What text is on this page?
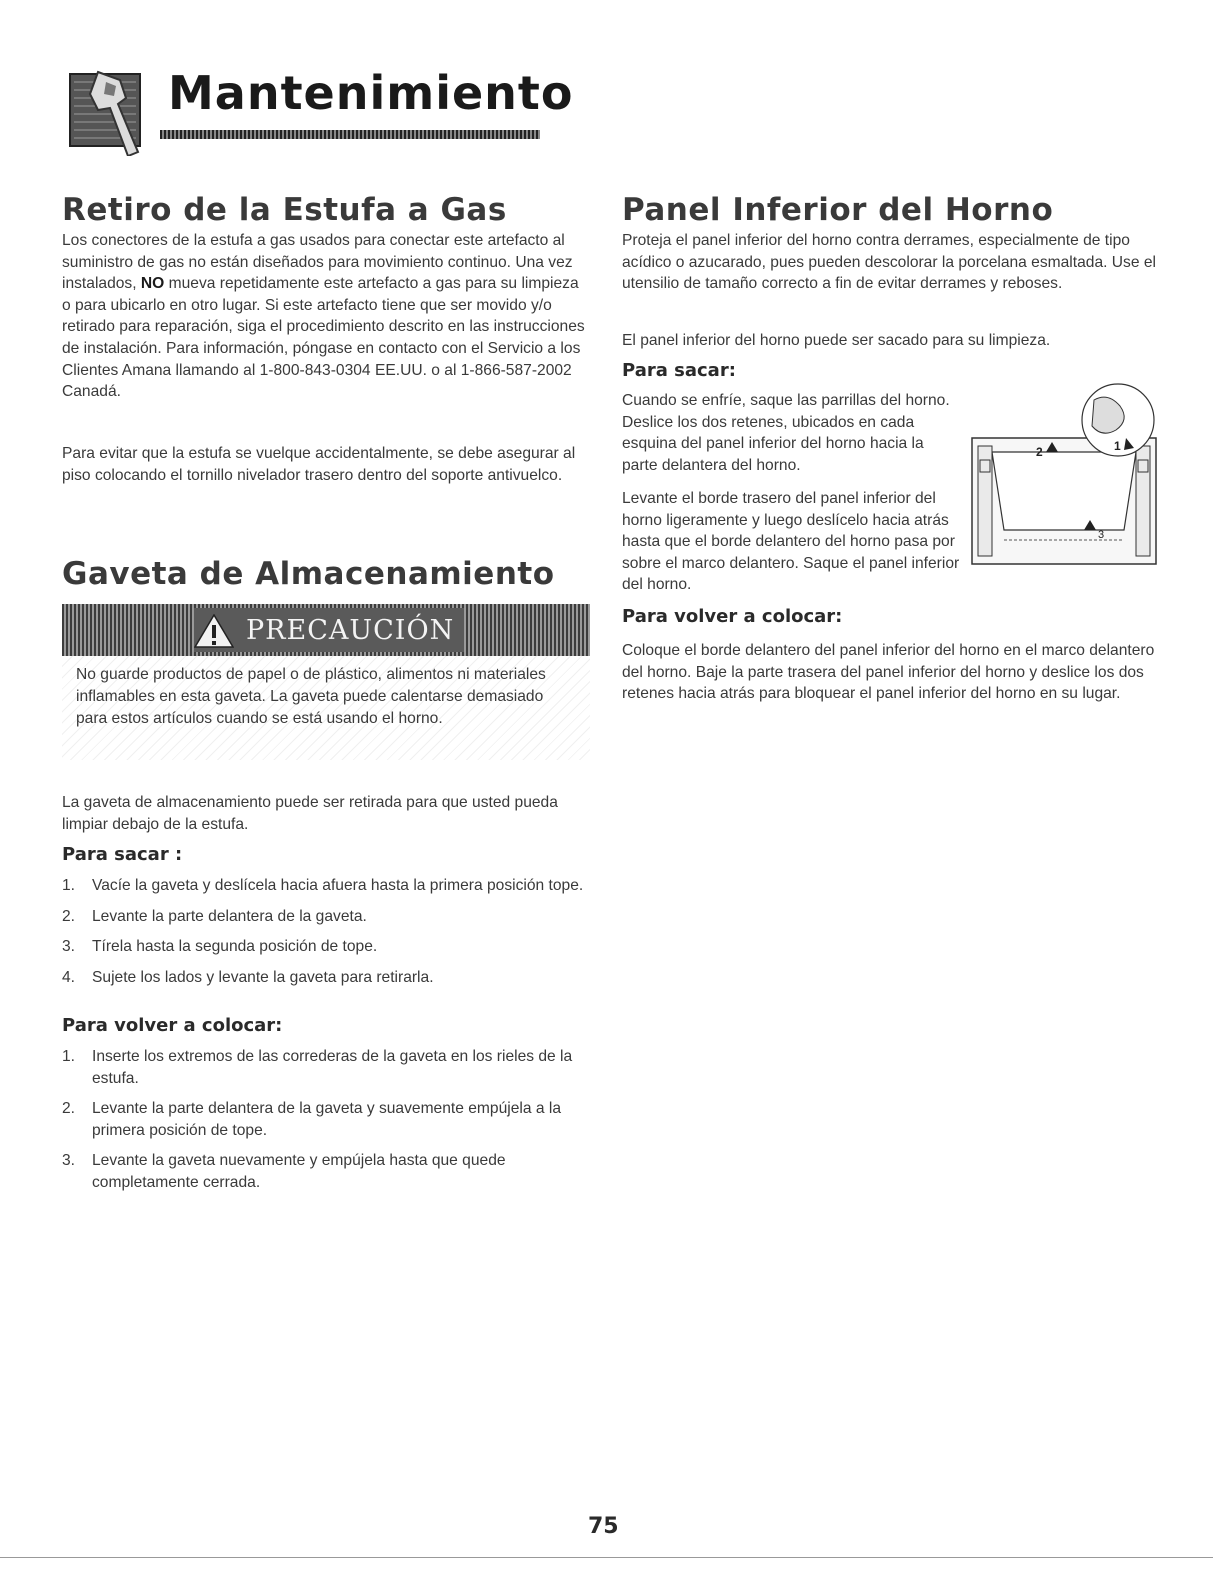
Mantenimiento
Retiro de la Estufa a Gas

Los conectores de la estufa a gas usados para conectar este artefacto al suministro de gas no están diseñados para movimiento continuo. Una vez instalados, NO mueva repetidamente este artefacto a gas para su limpieza o para ubicarlo en otro lugar. Si este artefacto tiene que ser movido y/o retirado para reparación, siga el procedimiento descrito en las instrucciones de instalación. Para información, póngase en contacto con el Servicio a los Clientes Amana llamando al 1-800-843-0304 EE.UU. o al 1-866-587-2002 Canadá.

Para evitar que la estufa se vuelque accidentalmente, se debe asegurar al piso colocando el tornillo nivelador trasero dentro del soporte antivuelco.

Gaveta de Almacenamiento
PRECAUCIÓN

No guarde productos de papel o de plástico, alimentos ni materiales inflamables en esta gaveta. La gaveta puede calentarse demasiado para estos artículos cuando se está usando el horno.

La gaveta de almacenamiento puede ser retirada para que usted pueda limpiar debajo de la estufa.

Para sacar :
1. Vacíe la gaveta y deslícela hacia afuera hasta la primera posición tope.
2. Levante la parte delantera de la gaveta.
3. Tírela hasta la segunda posición de tope.
4. Sujete los lados y levante la gaveta para retirarla.
Para volver a colocar:
1. Inserte los extremos de las correderas de la gaveta en los rieles de la estufa.
2. Levante la parte delantera de la gaveta y suavemente empújela a la primera posición de tope.
3. Levante la gaveta nuevamente y empújela hasta que quede completamente cerrada.
Panel Inferior del Horno

Proteja el panel inferior del horno contra derrames, especialmente de tipo acídico o azucarado, pues pueden descolorar la porcelana esmaltada. Use el utensilio de tamaño correcto a fin de evitar derrames y reboses.

El panel inferior del horno puede ser sacado para su limpieza.

Para sacar:

Cuando se enfríe, saque las parrillas del horno. Deslice los dos retenes, ubicados en cada esquina del panel inferior del horno hacia la parte delantera del horno.

Levante el borde trasero del panel inferior del horno ligeramente y luego deslícelo hacia atrás hasta que el borde delantero del horno pasa por sobre el marco delantero. Saque el panel inferior del horno.

2	1
3
Para volver a colocar:

Coloque el borde delantero del panel inferior del horno en el marco delantero del horno. Baje la parte trasera del panel inferior del horno y deslice los dos retenes hacia atrás para bloquear el panel inferior del horno en su lugar.

75
